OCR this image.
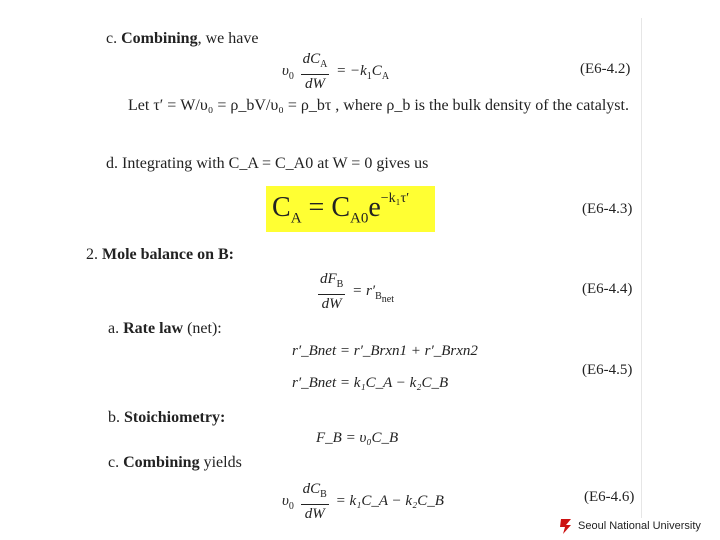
c. Combining, we have
$\upsilon_0 \frac{dC_A}{dW} = -k_1C_A$	(E6-4.2)
Let τ′ = W/υ₀ = ρ_bV/υ₀ = ρ_bτ , where ρ_b is the bulk density of the catalyst.
d. Integrating with C_A = C_A0 at W = 0 gives us
$C_A = C_{A0}e^{-k_1\tau'}$
(E6-4.3)
2. Mole balance on B:
$\frac{dF_B}{dW} = r'_{B_{net}}$
(E6-4.4)
a. Rate law (net):
r′_Bnet = r′_Brxn1 + r′_Brxn2
r′_Bnet = k₁C_A − k₂C_B
(E6-4.5)
b. Stoichiometry:
F_B = υ₀C_B
c. Combining yields
$\upsilon_0 \frac{dC_B}{dW}$ = k₁C_A − k₂C_B	(E6-4.6)
Seoul National University
